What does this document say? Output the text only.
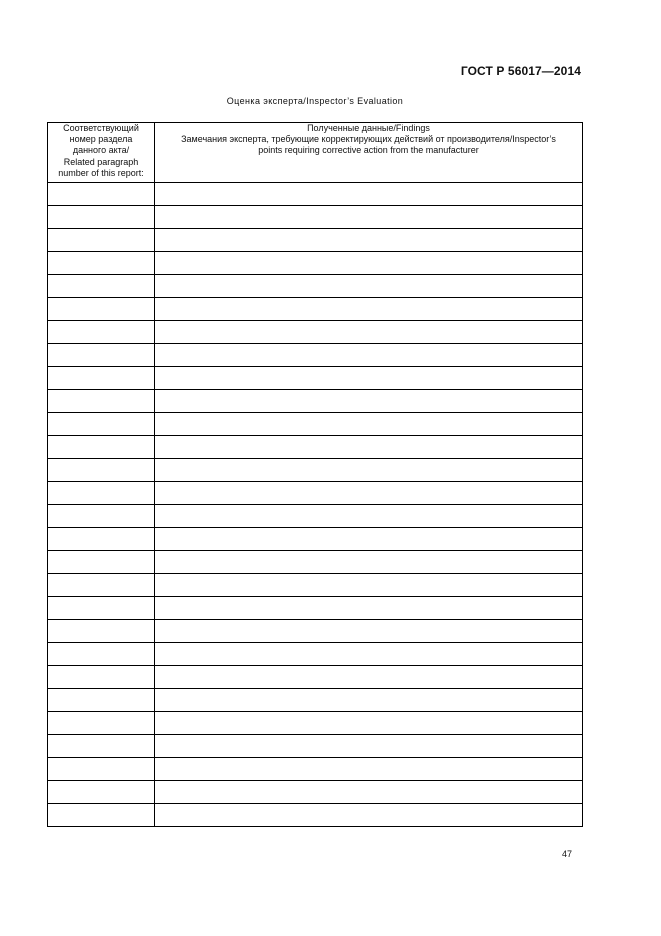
ГОСТ Р 56017—2014
Оценка эксперта/Inspector’s Evaluation
Соответствующий
номер раздела
данного акта/
Related paragraph
number of this report:	Полученные данные/Findings
Замечания эксперта, требующие корректирующих действий от производителя/Inspector’s
points requiring corrective action from the manufacturer

47
